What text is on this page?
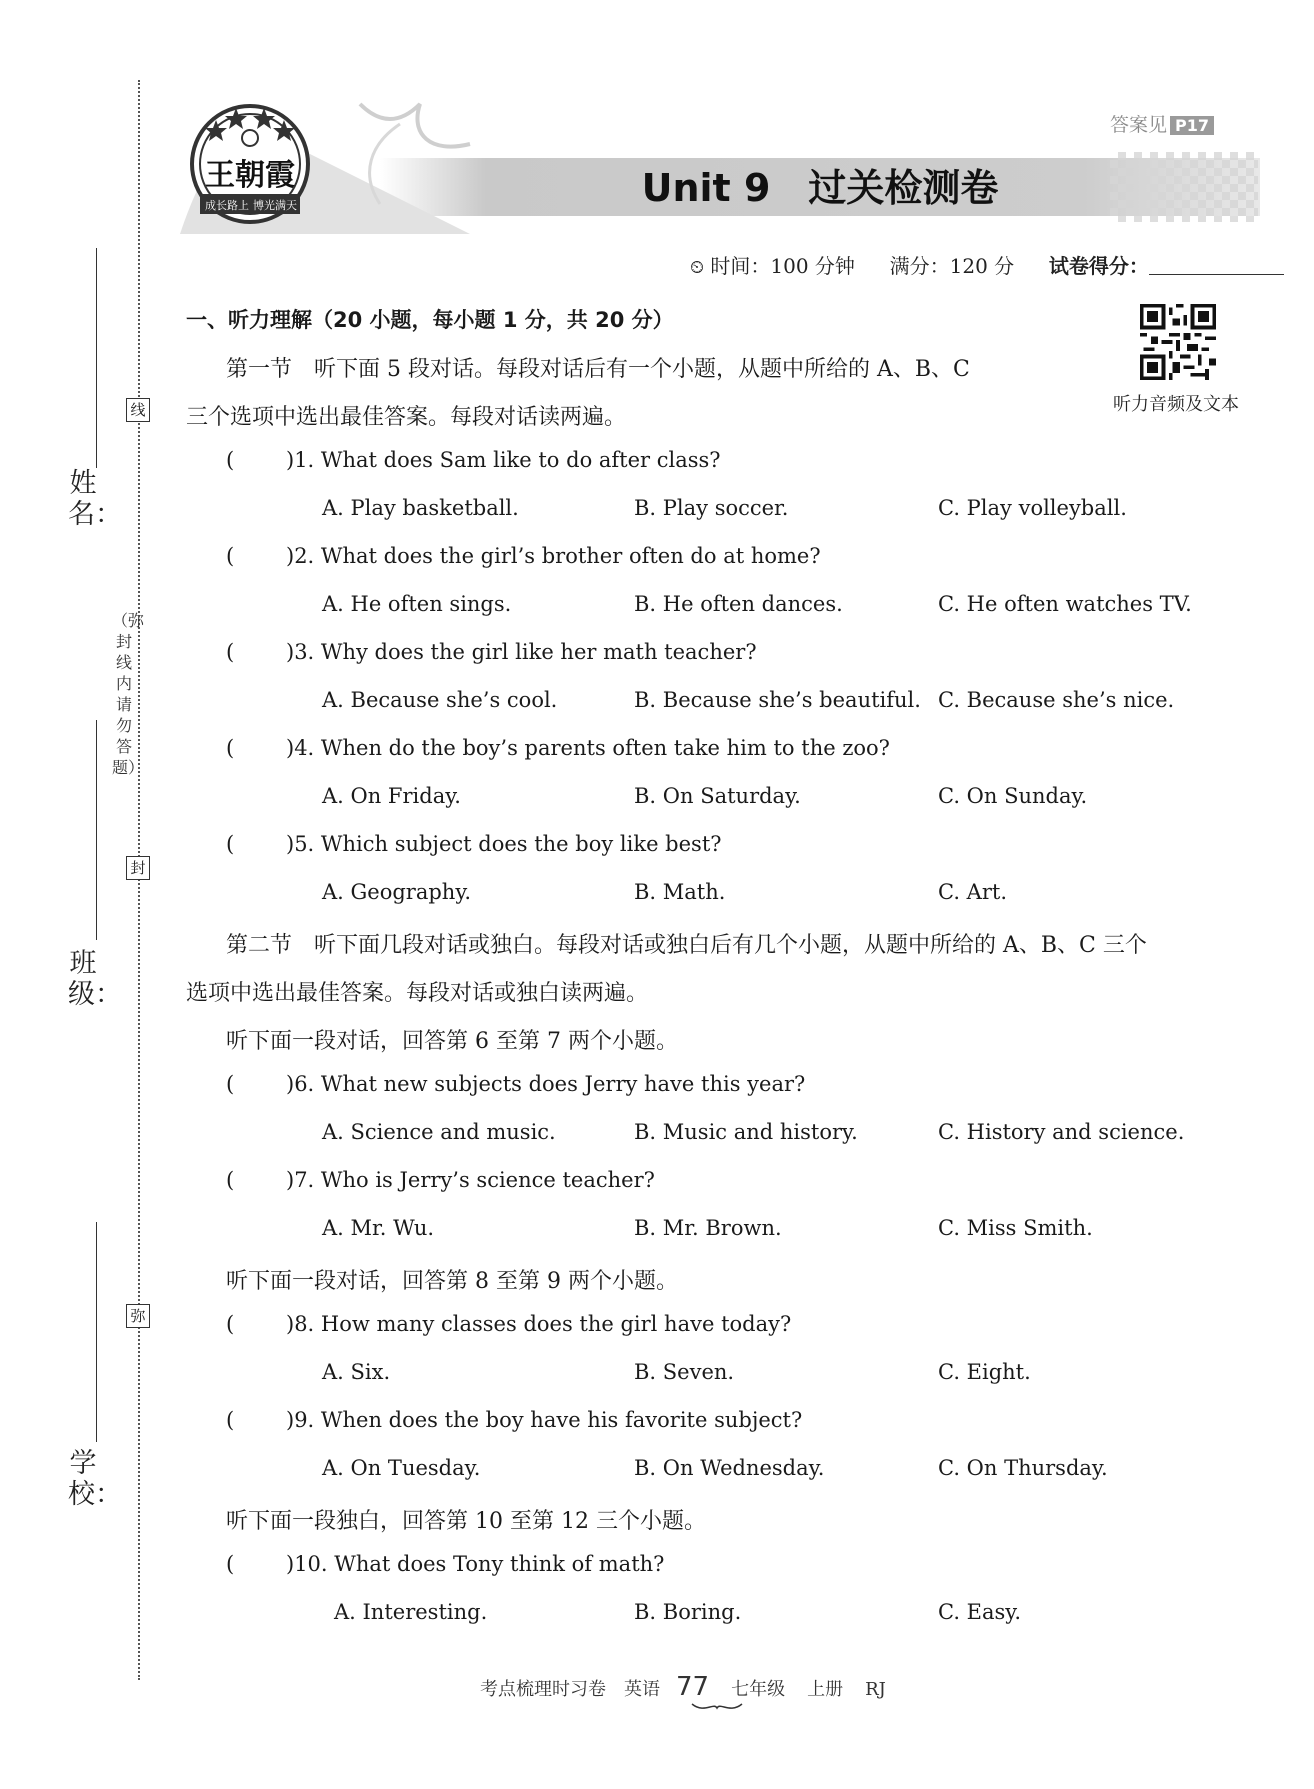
线
封
弥
（弥封线内请勿答题）
姓名：
班级：
学校：
王朝霞
成长路上 博光满天
答案见 P17
Unit 9　过关检测卷
⏲ 时间：100 分钟 满分：120 分 试卷得分：
听力音频及文本
一、听力理解（20 小题，每小题 1 分，共 20 分）
第一节　听下面 5 段对话。每段对话后有一个小题，从题中所给的 A、B、C
三个选项中选出最佳答案。每段对话读两遍。
第二节　听下面几段对话或独白。每段对话或独白后有几个小题，从题中所给的 A、B、C 三个
选项中选出最佳答案。每段对话或独白读两遍。
听下面一段对话，回答第 6 至第 7 两个小题。
听下面一段对话，回答第 8 至第 9 两个小题。
听下面一段独白，回答第 10 至第 12 三个小题。
( )1. What does Sam like to do after class?
A. Play basketball.	B. Play soccer.	C. Play volleyball.
( )2. What does the girl’s brother often do at home?
A. He often sings.	B. He often dances.	C. He often watches TV.
( )3. Why does the girl like her math teacher?
A. Because she’s cool.	B. Because she’s beautiful. C. Because she’s nice.
( )4. When do the boy’s parents often take him to the zoo?
A. On Friday.	B. On Saturday.	C. On Sunday.
( )5. Which subject does the boy like best?
A. Geography.	B. Math.	C. Art.
( )6. What new subjects does Jerry have this year?
A. Science and music.	B. Music and history.	C. History and science.
( )7. Who is Jerry’s science teacher?
A. Mr. Wu.	B. Mr. Brown.	C. Miss Smith.
( )8. How many classes does the girl have today?
A. Six.	B. Seven.	C. Eight.
( )9. When does the boy have his favorite subject?
A. On Tuesday.	B. On Wednesday.	C. On Thursday.
( )10. What does Tony think of math?
A. Interesting.	B. Boring.	C. Easy.
考点梳理时习卷　英语 77 七年级 上册 RJ
